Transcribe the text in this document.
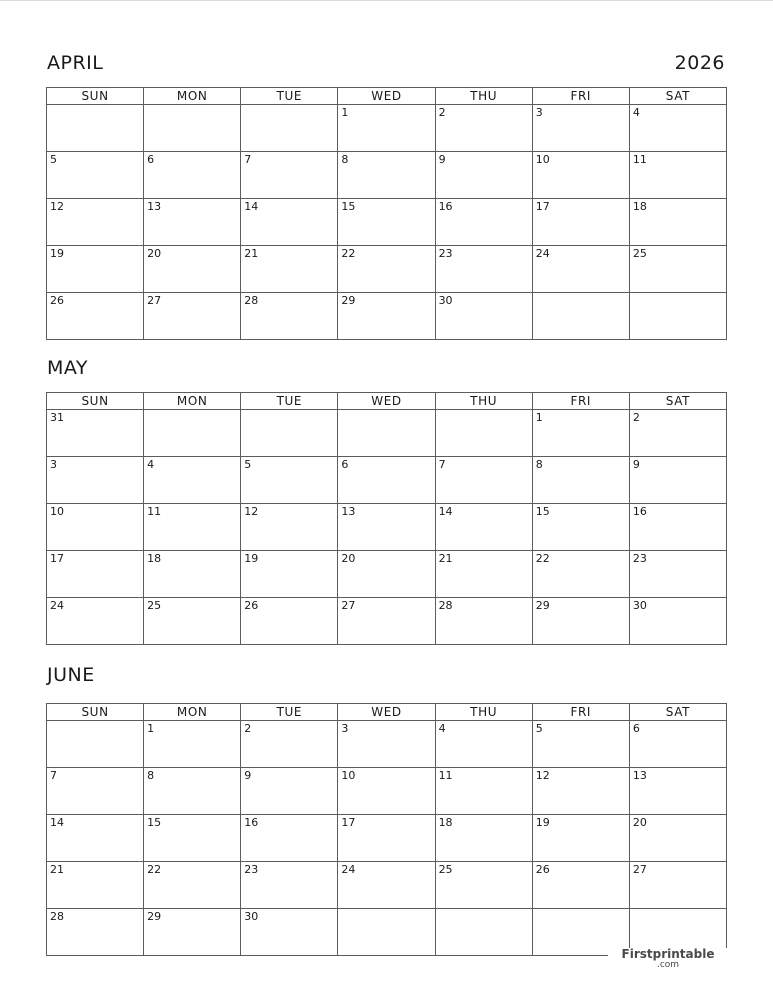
APRIL	2026
SUN	MON	TUE	WED	THU	FRI	SAT

			1	2	3	4

5	6	7	8	9	10	11

12	13	14	15	16	17	18

19	20	21	22	23	24	25

26	27	28	29	30		

MAY
SUN	MON	TUE	WED	THU	FRI	SAT

31					1	2

3	4	5	6	7	8	9

10	11	12	13	14	15	16

17	18	19	20	21	22	23

24	25	26	27	28	29	30
JUNE
SUN	MON	TUE	WED	THU	FRI	SAT

	1	2	3	4	5	6

7	8	9	10	11	12	13

14	15	16	17	18	19	20

21	22	23	24	25	26	27

28	29	30				

Firstprintable
.com
